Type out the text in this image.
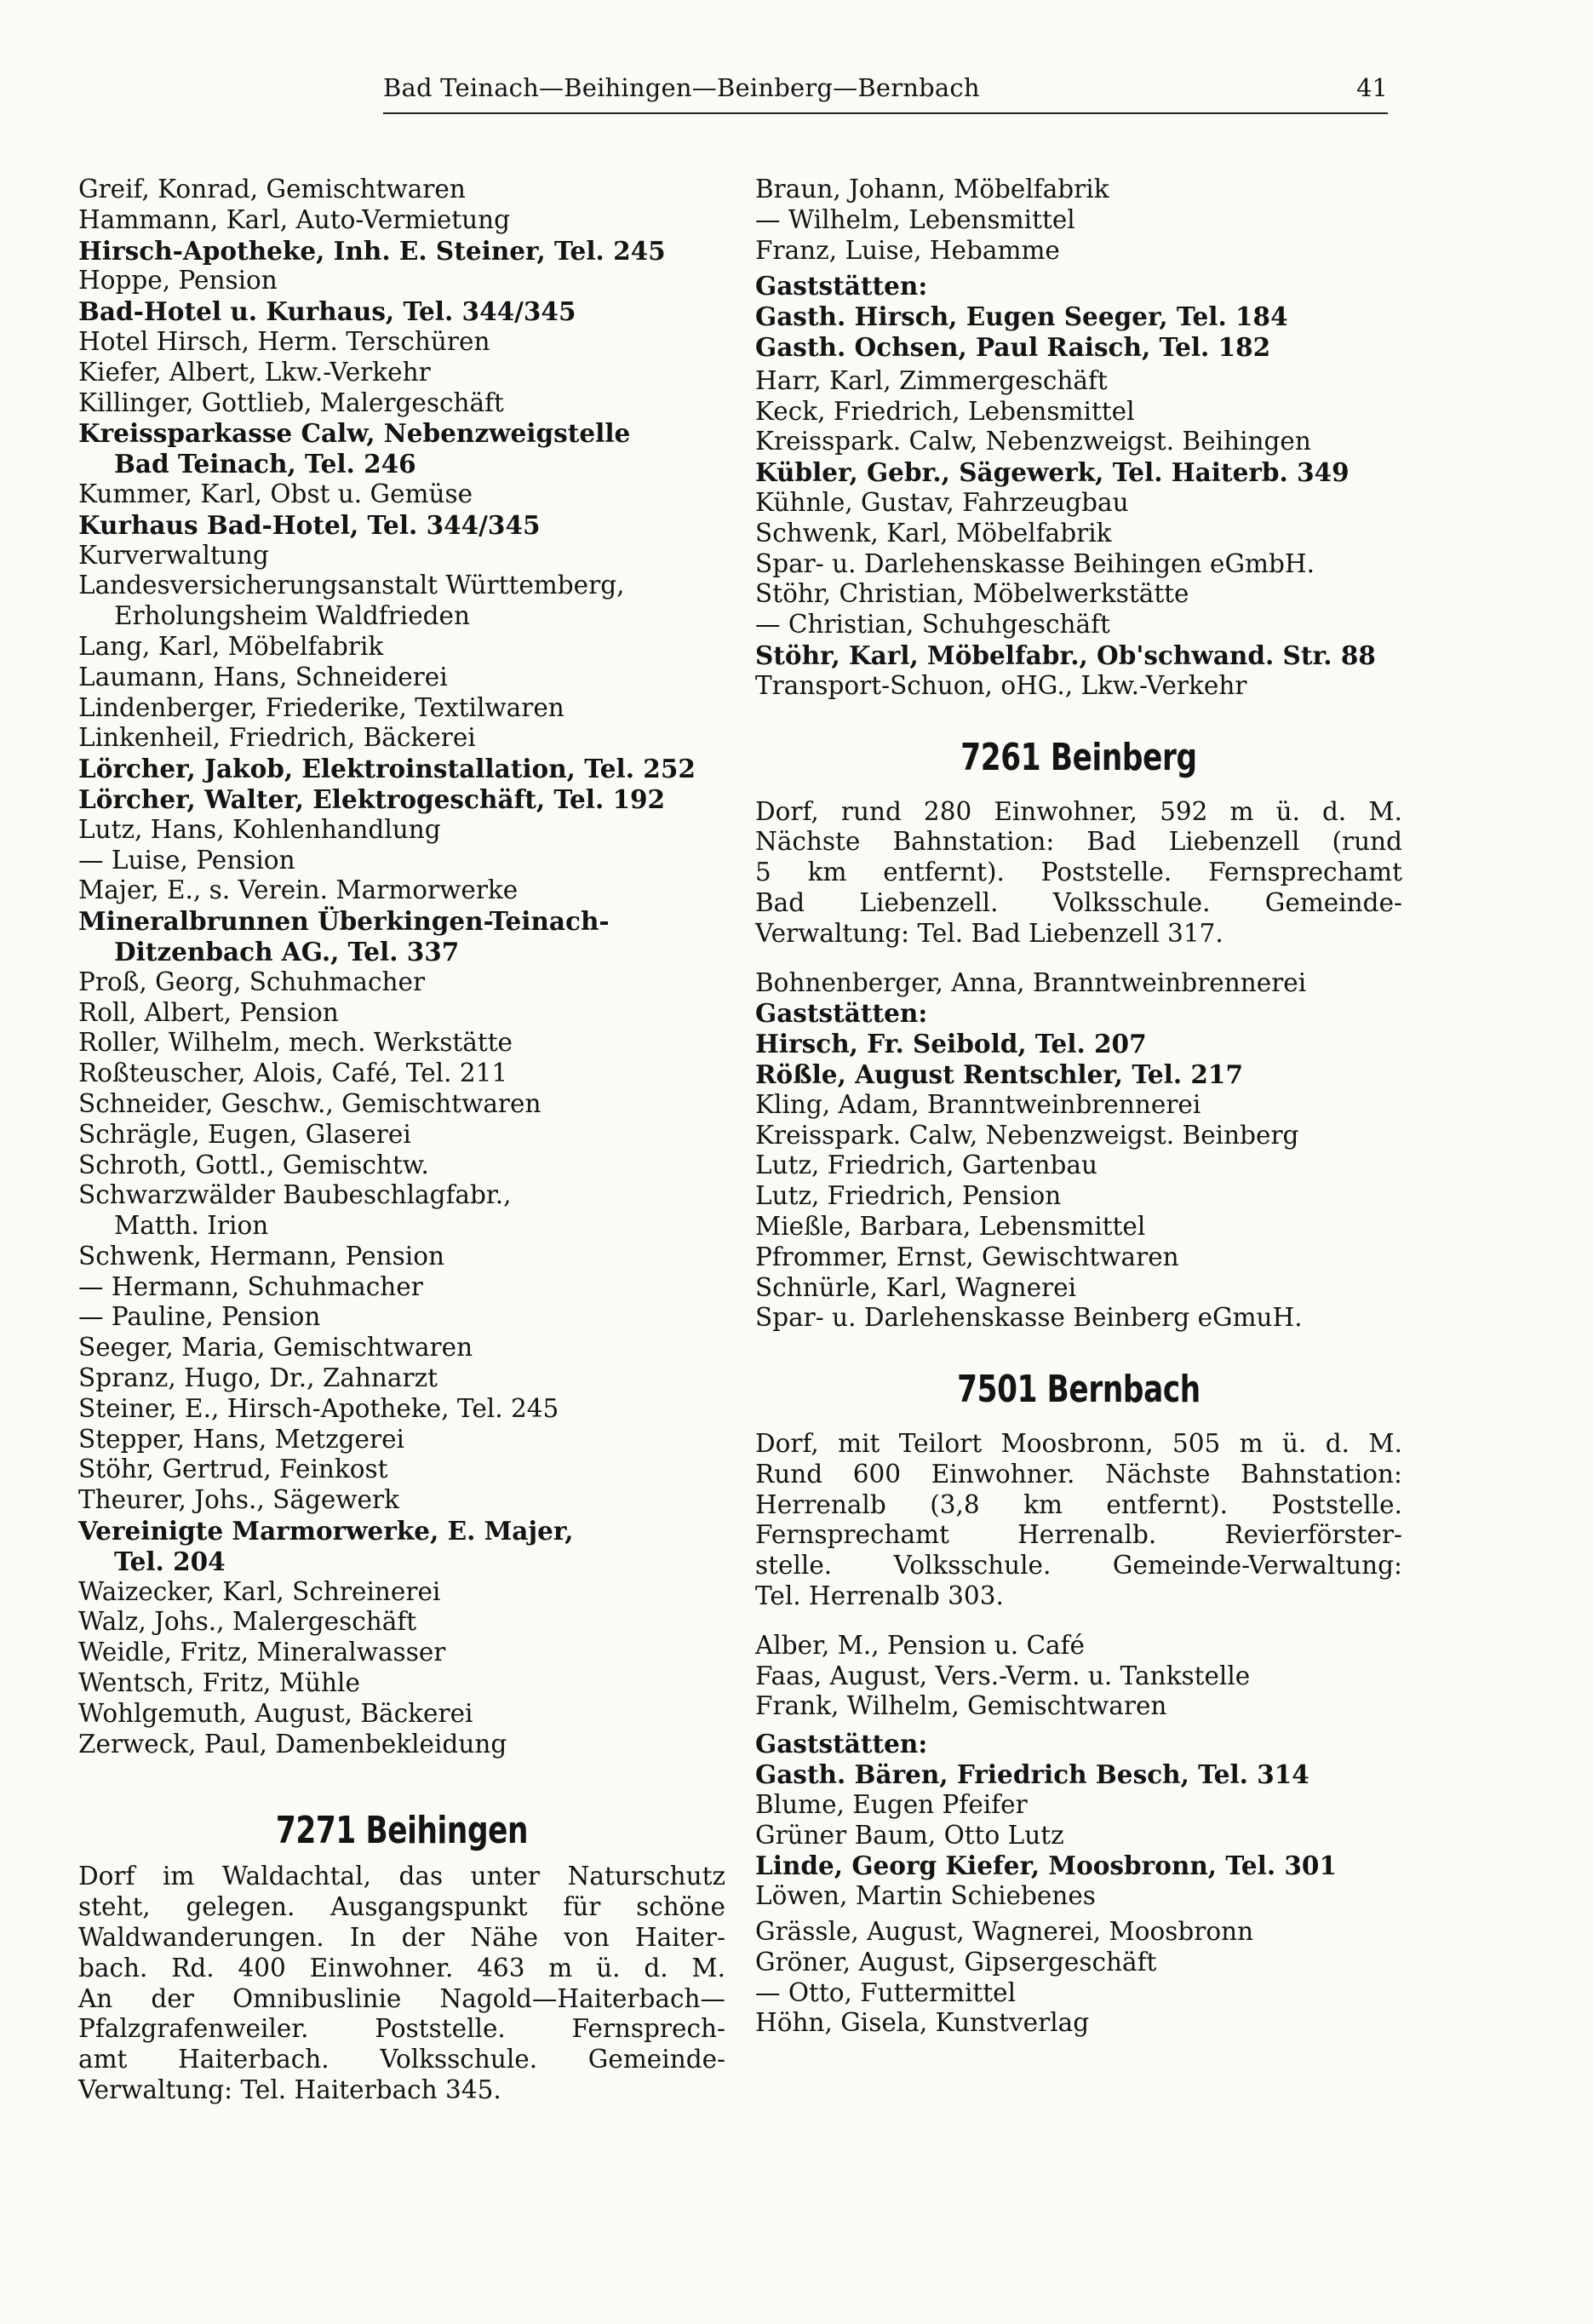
Bad Teinach—Beihingen—Beinberg—Bernbach	41
Greif, Konrad, Gemischtwaren
Hammann, Karl, Auto-Vermietung
Hirsch-Apotheke, Inh. E. Steiner, Tel. 245
Hoppe, Pension
Bad-Hotel u. Kurhaus, Tel. 344/345
Hotel Hirsch, Herm. Terschüren
Kiefer, Albert, Lkw.-Verkehr
Killinger, Gottlieb, Malergeschäft
Kreissparkasse Calw, Nebenzweigstelle
Bad Teinach, Tel. 246
Kummer, Karl, Obst u. Gemüse
Kurhaus Bad-Hotel, Tel. 344/345
Kurverwaltung
Landesversicherungsanstalt Württemberg,
Erholungsheim Waldfrieden
Lang, Karl, Möbelfabrik
Laumann, Hans, Schneiderei
Lindenberger, Friederike, Textilwaren
Linkenheil, Friedrich, Bäckerei
Lörcher, Jakob, Elektroinstallation, Tel. 252
Lörcher, Walter, Elektrogeschäft, Tel. 192
Lutz, Hans, Kohlenhandlung
— Luise, Pension
Majer, E., s. Verein. Marmorwerke
Mineralbrunnen Überkingen-Teinach-
Ditzenbach AG., Tel. 337
Proß, Georg, Schuhmacher
Roll, Albert, Pension
Roller, Wilhelm, mech. Werkstätte
Roßteuscher, Alois, Café, Tel. 211
Schneider, Geschw., Gemischtwaren
Schrägle, Eugen, Glaserei
Schroth, Gottl., Gemischtw.
Schwarzwälder Baubeschlagfabr.,
Matth. Irion
Schwenk, Hermann, Pension
— Hermann, Schuhmacher
— Pauline, Pension
Seeger, Maria, Gemischtwaren
Spranz, Hugo, Dr., Zahnarzt
Steiner, E., Hirsch-Apotheke, Tel. 245
Stepper, Hans, Metzgerei
Stöhr, Gertrud, Feinkost
Theurer, Johs., Sägewerk
Vereinigte Marmorwerke, E. Majer,
Tel. 204
Waizecker, Karl, Schreinerei
Walz, Johs., Malergeschäft
Weidle, Fritz, Mineralwasser
Wentsch, Fritz, Mühle
Wohlgemuth, August, Bäckerei
Zerweck, Paul, Damenbekleidung
7271 Beihingen
Dorf im Waldachtal, das unter Naturschutz
steht, gelegen. Ausgangspunkt für schöne
Waldwanderungen. In der Nähe von Haiter-
bach. Rd. 400 Einwohner. 463 m ü. d. M.
An der Omnibuslinie Nagold—Haiterbach—
Pfalzgrafenweiler. Poststelle. Fernsprech-
amt Haiterbach. Volksschule. Gemeinde-
Verwaltung: Tel. Haiterbach 345.
Braun, Johann, Möbelfabrik
— Wilhelm, Lebensmittel
Franz, Luise, Hebamme
Gaststätten:
Gasth. Hirsch, Eugen Seeger, Tel. 184
Gasth. Ochsen, Paul Raisch, Tel. 182
Harr, Karl, Zimmergeschäft
Keck, Friedrich, Lebensmittel
Kreisspark. Calw, Nebenzweigst. Beihingen
Kübler, Gebr., Sägewerk, Tel. Haiterb. 349
Kühnle, Gustav, Fahrzeugbau
Schwenk, Karl, Möbelfabrik
Spar- u. Darlehenskasse Beihingen eGmbH.
Stöhr, Christian, Möbelwerkstätte
— Christian, Schuhgeschäft
Stöhr, Karl, Möbelfabr., Ob'schwand. Str. 88
Transport-Schuon, oHG., Lkw.-Verkehr
7261 Beinberg
Dorf, rund 280 Einwohner, 592 m ü. d. M.
Nächste Bahnstation: Bad Liebenzell (rund
5 km entfernt). Poststelle. Fernsprechamt
Bad Liebenzell. Volksschule. Gemeinde-
Verwaltung: Tel. Bad Liebenzell 317.
Bohnenberger, Anna, Branntweinbrennerei
Gaststätten:
Hirsch, Fr. Seibold, Tel. 207
Rößle, August Rentschler, Tel. 217
Kling, Adam, Branntweinbrennerei
Kreisspark. Calw, Nebenzweigst. Beinberg
Lutz, Friedrich, Gartenbau
Lutz, Friedrich, Pension
Mießle, Barbara, Lebensmittel
Pfrommer, Ernst, Gewischtwaren
Schnürle, Karl, Wagnerei
Spar- u. Darlehenskasse Beinberg eGmuH.
7501 Bernbach
Dorf, mit Teilort Moosbronn, 505 m ü. d. M.
Rund 600 Einwohner. Nächste Bahnstation:
Herrenalb (3,8 km entfernt). Poststelle.
Fernsprechamt Herrenalb. Revierförster-
stelle. Volksschule. Gemeinde-Verwaltung:
Tel. Herrenalb 303.
Alber, M., Pension u. Café
Faas, August, Vers.-Verm. u. Tankstelle
Frank, Wilhelm, Gemischtwaren
Gaststätten:
Gasth. Bären, Friedrich Besch, Tel. 314
Blume, Eugen Pfeifer
Grüner Baum, Otto Lutz
Linde, Georg Kiefer, Moosbronn, Tel. 301
Löwen, Martin Schiebenes
Grässle, August, Wagnerei, Moosbronn
Gröner, August, Gipsergeschäft
— Otto, Futtermittel
Höhn, Gisela, Kunstverlag
